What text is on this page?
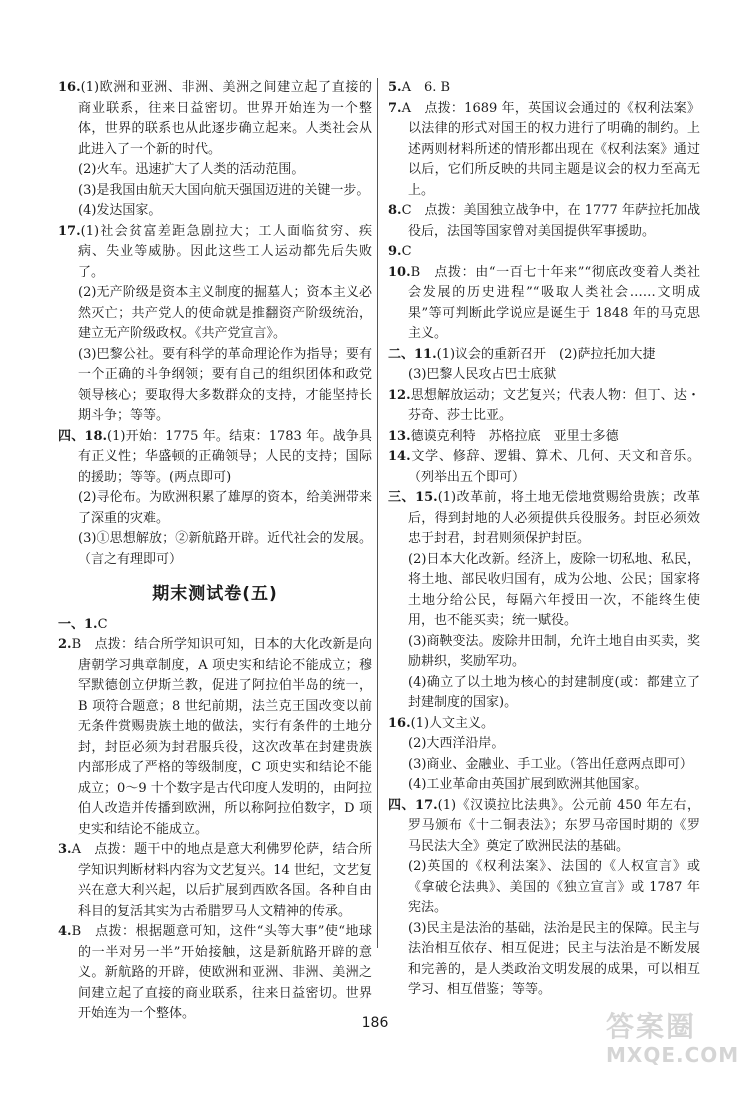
16.(1)欧洲和亚洲、非洲、美洲之间建立起了直接的商业联系，往来日益密切。世界开始连为一个整体，世界的联系也从此逐步确立起来。人类社会从此进入了一个新的时代。

(2)火车。迅速扩大了人类的活动范围。

(3)是我国由航天大国向航天强国迈进的关键一步。

(4)发达国家。

17.(1)社会贫富差距急剧拉大；工人面临贫穷、疾病、失业等威胁。因此这些工人运动都先后失败了。

(2)无产阶级是资本主义制度的掘墓人；资本主义必然灭亡；共产党人的使命就是推翻资产阶级统治，建立无产阶级政权。《共产党宣言》。

(3)巴黎公社。要有科学的革命理论作为指导；要有一个正确的斗争纲领；要有自己的组织团体和政党领导核心；要取得大多数群众的支持，才能坚持长期斗争；等等。

四、18.(1)开始：1775 年。结束：1783 年。战争具有正义性；华盛顿的正确领导；人民的支持；国际的援助；等等。(两点即可)

(2)寻伦布。为欧洲积累了雄厚的资本，给美洲带来了深重的灾难。

(3)①思想解放；②新航路开辟。近代社会的发展。（言之有理即可）

期末测试卷(五)

一、1.C

2.B　点拨：结合所学知识可知，日本的大化改新是向唐朝学习典章制度，A 项史实和结论不能成立；穆罕默德创立伊斯兰教，促进了阿拉伯半岛的统一，B 项符合题意；8 世纪前期，法兰克王国改变以前无条件赏赐贵族土地的做法，实行有条件的土地分封，封臣必须为封君服兵役，这次改革在封建贵族内部形成了严格的等级制度，C 项史实和结论不能成立；0～9 十个数字是古代印度人发明的，由阿拉伯人改造并传播到欧洲，所以称阿拉伯数字，D 项史实和结论不能成立。

3.A　点拨：题干中的地点是意大利佛罗伦萨，结合所学知识判断材料内容为文艺复兴。14 世纪，文艺复兴在意大利兴起，以后扩展到西欧各国。各种自由科目的复活其实为古希腊罗马人文精神的传承。

4.B　点拨：根据题意可知，这件“头等大事”使“地球的一半对另一半”开始接触，这是新航路开辟的意义。新航路的开辟，使欧洲和亚洲、非洲、美洲之间建立起了直接的商业联系，往来日益密切。世界开始连为一个整体。

5.A　6. B

7.A　点拨：1689 年，英国议会通过的《权利法案》以法律的形式对国王的权力进行了明确的制约。上述两则材料所述的情形都出现在《权利法案》通过以后，它们所反映的共同主题是议会的权力至高无上。

8.C　点拨：美国独立战争中，在 1777 年萨拉托加战役后，法国等国家曾对美国提供军事援助。

9.C

10.B　点拨：由“一百七十年来”“彻底改变着人类社会发展的历史进程”“吸取人类社会……文明成果”等可判断此学说应是诞生于 1848 年的马克思主义。

二、11.(1)议会的重新召开　(2)萨拉托加大捷

(3)巴黎人民攻占巴士底狱

12.思想解放运动；文艺复兴；代表人物：但丁、达・芬奇、莎士比亚。

13.德谟克利特　苏格拉底　亚里士多德

14.文学、修辞、逻辑、算术、几何、天文和音乐。（列举出五个即可）

三、15.(1)改革前，将土地无偿地赏赐给贵族；改革后，得到封地的人必须提供兵役服务。封臣必须效忠于封君，封君则须保护封臣。

(2)日本大化改新。经济上，废除一切私地、私民，将土地、部民收归国有，成为公地、公民；国家将土地分给公民，每隔六年授田一次，不能终生使用，也不能买卖；统一赋役。

(3)商鞅变法。废除井田制，允许土地自由买卖，奖励耕织，奖励军功。

(4)确立了以土地为核心的封建制度(或：都建立了封建制度的国家)。

16.(1)人文主义。

(2)大西洋沿岸。

(3)商业、金融业、手工业。（答出任意两点即可）

(4)工业革命由英国扩展到欧洲其他国家。

四、17.(1)《汉谟拉比法典》。公元前 450 年左右，罗马颁布《十二铜表法》；东罗马帝国时期的《罗马民法大全》奠定了欧洲民法的基础。

(2)英国的《权利法案》、法国的《人权宣言》或《拿破仑法典》、美国的《独立宣言》或 1787 年宪法。

(3)民主是法治的基础，法治是民主的保障。民主与法治相互依存、相互促进；民主与法治是不断发展和完善的，是人类政治文明发展的成果，可以相互学习、相互借鉴；等等。

186	答案圈
MXQE.COM
